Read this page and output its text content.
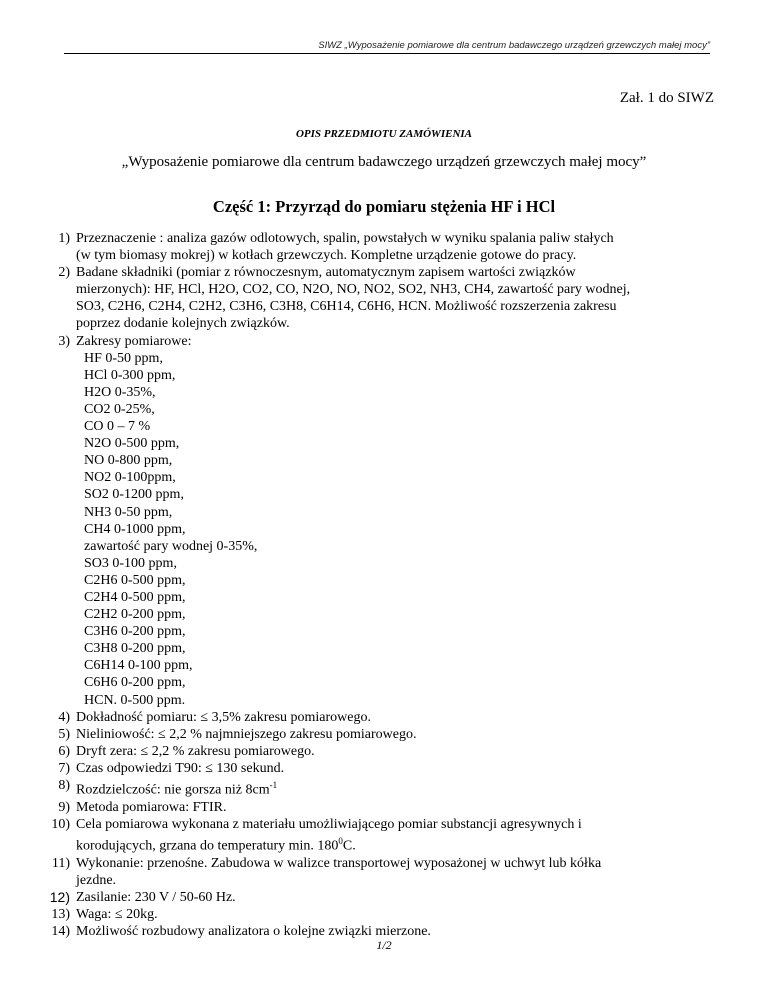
SIWZ „Wyposażenie pomiarowe dla centrum badawczego urządzeń grzewczych małej mocy”
Zał. 1 do SIWZ
OPIS PRZEDMIOTU ZAMÓWIENIA
„Wyposażenie pomiarowe dla centrum badawczego urządzeń grzewczych małej mocy”
Część 1: Przyrząd do pomiaru stężenia HF i HCl
1) Przeznaczenie : analiza gazów odlotowych, spalin, powstałych w wyniku spalania paliw stałych
(w tym biomasy mokrej) w kotłach grzewczych. Kompletne urządzenie gotowe do pracy.
2) Badane składniki (pomiar z równoczesnym, automatycznym zapisem wartości związków
mierzonych): HF, HCl, H2O, CO2, CO, N2O, NO, NO2, SO2, NH3, CH4, zawartość pary wodnej,
SO3, C2H6, C2H4, C2H2, C3H6, C3H8, C6H14, C6H6, HCN. Możliwość rozszerzenia zakresu
poprzez dodanie kolejnych związków.
3) Zakresy pomiarowe:
HF 0-50 ppm,
HCl 0-300 ppm,
H2O 0-35%,
CO2 0-25%,
CO 0 – 7 %
N2O 0-500 ppm,
NO 0-800 ppm,
NO2 0-100ppm,
SO2 0-1200 ppm,
NH3 0-50 ppm,
CH4 0-1000 ppm,
zawartość pary wodnej 0-35%,
SO3 0-100 ppm,
C2H6 0-500 ppm,
C2H4 0-500 ppm,
C2H2 0-200 ppm,
C3H6 0-200 ppm,
C3H8 0-200 ppm,
C6H14 0-100 ppm,
C6H6 0-200 ppm,
HCN. 0-500 ppm.
4) Dokładność pomiaru: ≤ 3,5% zakresu pomiarowego.
5) Nieliniowość: ≤ 2,2 % najmniejszego zakresu pomiarowego.
6) Dryft zera: ≤ 2,2 % zakresu pomiarowego.
7) Czas odpowiedzi T90: ≤ 130 sekund.
8) Rozdzielczość: nie gorsza niż $8cm^{-1}$
9) Metoda pomiarowa: FTIR.
10) Cela pomiarowa wykonana z materiału umożliwiającego pomiar substancji agresywnych i
korodujących, grzana do temperatury min. $180^0C$.
11) Wykonanie: przenośne. Zabudowa w walizce transportowej wyposażonej w uchwyt lub kółka
jezdne.
12) Zasilanie: 230 V / 50-60 Hz.
13) Waga: ≤ 20kg.
14) Możliwość rozbudowy analizatora o kolejne związki mierzone.
1/2
